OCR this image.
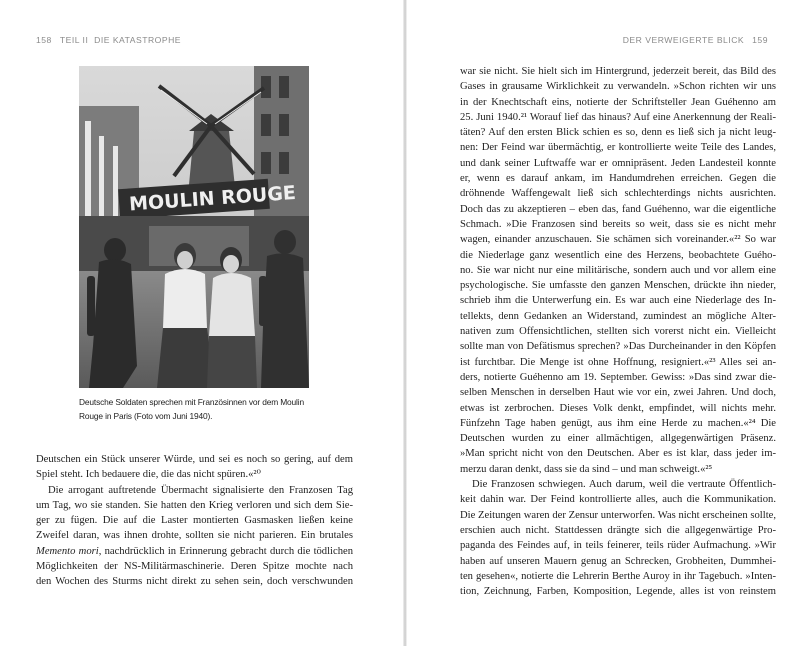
158 TEIL II  DIE KATASTROPHE
MOULIN ROUGE
Deutsche Soldaten sprechen mit Französinnen vor dem Moulin
Rouge in Paris (Foto vom Juni 1940).
Deutschen ein Stück unserer Würde, und sei es noch so gering, auf dem
Spiel steht. Ich bedauere die, die das nicht spüren.«²⁰
Die arrogant auftretende Übermacht signalisierte den Franzosen Tag
um Tag, wo sie standen. Sie hatten den Krieg verloren und sich dem Sie-
ger zu fügen. Die auf die Laster montierten Gasmasken ließen keine
Zweifel daran, was ihnen drohte, sollten sie nicht parieren. Ein brutales
Memento mori, nachdrücklich in Erinnerung gebracht durch die tödlichen
Möglichkeiten der NS-Militärmaschinerie. Deren Spitze mochte nach
den Wochen des Sturms nicht direkt zu sehen sein, doch verschwunden
DER VERWEIGERTE BLICK 159
war sie nicht. Sie hielt sich im Hintergrund, jederzeit bereit, das Bild des
Gases in grausame Wirklichkeit zu verwandeln. »Schon richten wir uns
in der Knechtschaft eins, notierte der Schriftsteller Jean Guéhenno am
25. Juni 1940.²¹ Worauf lief das hinaus? Auf eine Anerkennung der Reali-
täten? Auf den ersten Blick schien es so, denn es ließ sich ja nicht leug-
nen: Der Feind war übermächtig, er kontrollierte weite Teile des Landes,
und dank seiner Luftwaffe war er omnipräsent. Jeden Landesteil konnte
er, wenn es darauf ankam, im Handumdrehen erreichen. Gegen die
dröhnende Waffengewalt ließ sich schlechterdings nichts ausrichten.
Doch das zu akzeptieren – eben das, fand Guéhenno, war die eigentliche
Schmach. »Die Franzosen sind bereits so weit, dass sie es nicht mehr
wagen, einander anzuschauen. Sie schämen sich voreinander.«²² So war
die Niederlage ganz wesentlich eine des Herzens, beobachtete Guého-
no. Sie war nicht nur eine militärische, sondern auch und vor allem eine
psychologische. Sie umfasste den ganzen Menschen, drückte ihn nieder,
schrieb ihm die Unterwerfung ein. Es war auch eine Niederlage des In-
tellekts, denn Gedanken an Widerstand, zumindest an mögliche Alter-
nativen zum Offensichtlichen, stellten sich vorerst nicht ein. Vielleicht
sollte man von Defätismus sprechen? »Das Durcheinander in den Köpfen
ist furchtbar. Die Menge ist ohne Hoffnung, resigniert.«²³ Alles sei an-
ders, notierte Guéhenno am 19. September. Gewiss: »Das sind zwar die-
selben Menschen in derselben Haut wie vor ein, zwei Jahren. Und doch,
etwas ist zerbrochen. Dieses Volk denkt, empfindet, will nichts mehr.
Fünfzehn Tage haben genügt, aus ihm eine Herde zu machen.«²⁴ Die
Deutschen wurden zu einer allmächtigen, allgegenwärtigen Präsenz.
»Man spricht nicht von den Deutschen. Aber es ist klar, dass jeder im-
merzu daran denkt, dass sie da sind – und man schweigt.«²⁵
Die Franzosen schwiegen. Auch darum, weil die vertraute Öffentlich-
keit dahin war. Der Feind kontrollierte alles, auch die Kommunikation.
Die Zeitungen waren der Zensur unterworfen. Was nicht erscheinen sollte,
erschien auch nicht. Stattdessen drängte sich die allgegenwärtige Pro-
paganda des Feindes auf, in teils feinerer, teils rüder Aufmachung. »Wir
haben auf unseren Mauern genug an Schrecken, Grobheiten, Dummhei-
ten gesehen«, notierte die Lehrerin Berthe Auroy in ihr Tagebuch. »Inten-
tion, Zeichnung, Farben, Komposition, Legende, alles ist von reinstem
